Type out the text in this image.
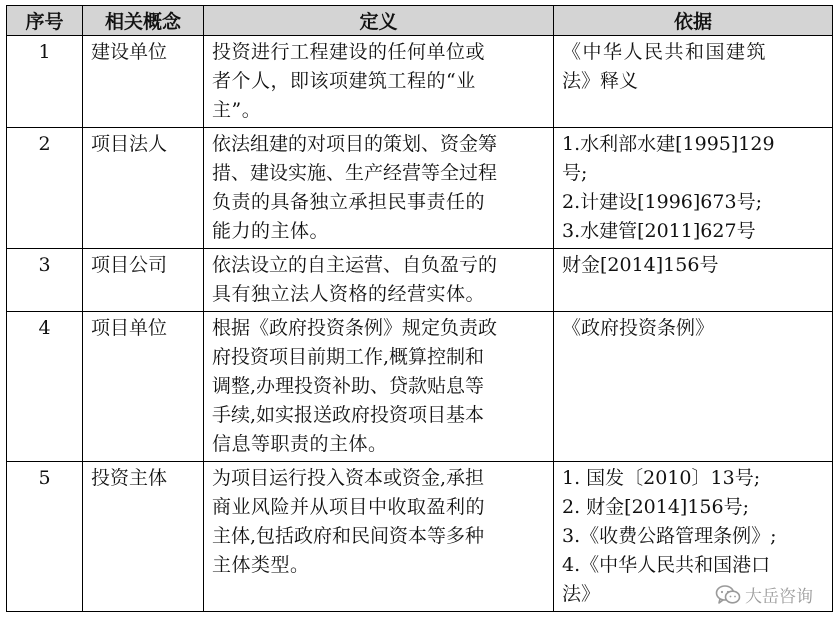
序号	相关概念	定义	依据
1	建设单位	投资进行工程建设的任何单位或
者个人，即该项建筑工程的“业
主”。	《中华人民共和国建筑
法》释义

2	项目法人	依法组建的对项目的策划、资金筹
措、建设实施、生产经营等全过程
负责的具备独立承担民事责任的
能力的主体。	1.水利部水建[1995]129
号;
2.计建设[1996]673号;
3.水建管[2011]627号

3	项目公司	依法设立的自主运营、自负盈亏的
具有独立法人资格的经营实体。	财金[2014]156号

4	项目单位	根据《政府投资条例》规定负责政
府投资项目前期工作,概算控制和
调整,办理投资补助、贷款贴息等
手续,如实报送政府投资项目基本
信息等职责的主体。	《政府投资条例》

5	投资主体	为项目运行投入资本或资金,承担
商业风险并从项目中收取盈利的
主体,包括政府和民间资本等多种
主体类型。	1. 国发〔2010〕13号;
2. 财金[2014]156号;
3.《收费公路管理条例》;
4.《中华人民共和国港口
法》	大岳咨询
